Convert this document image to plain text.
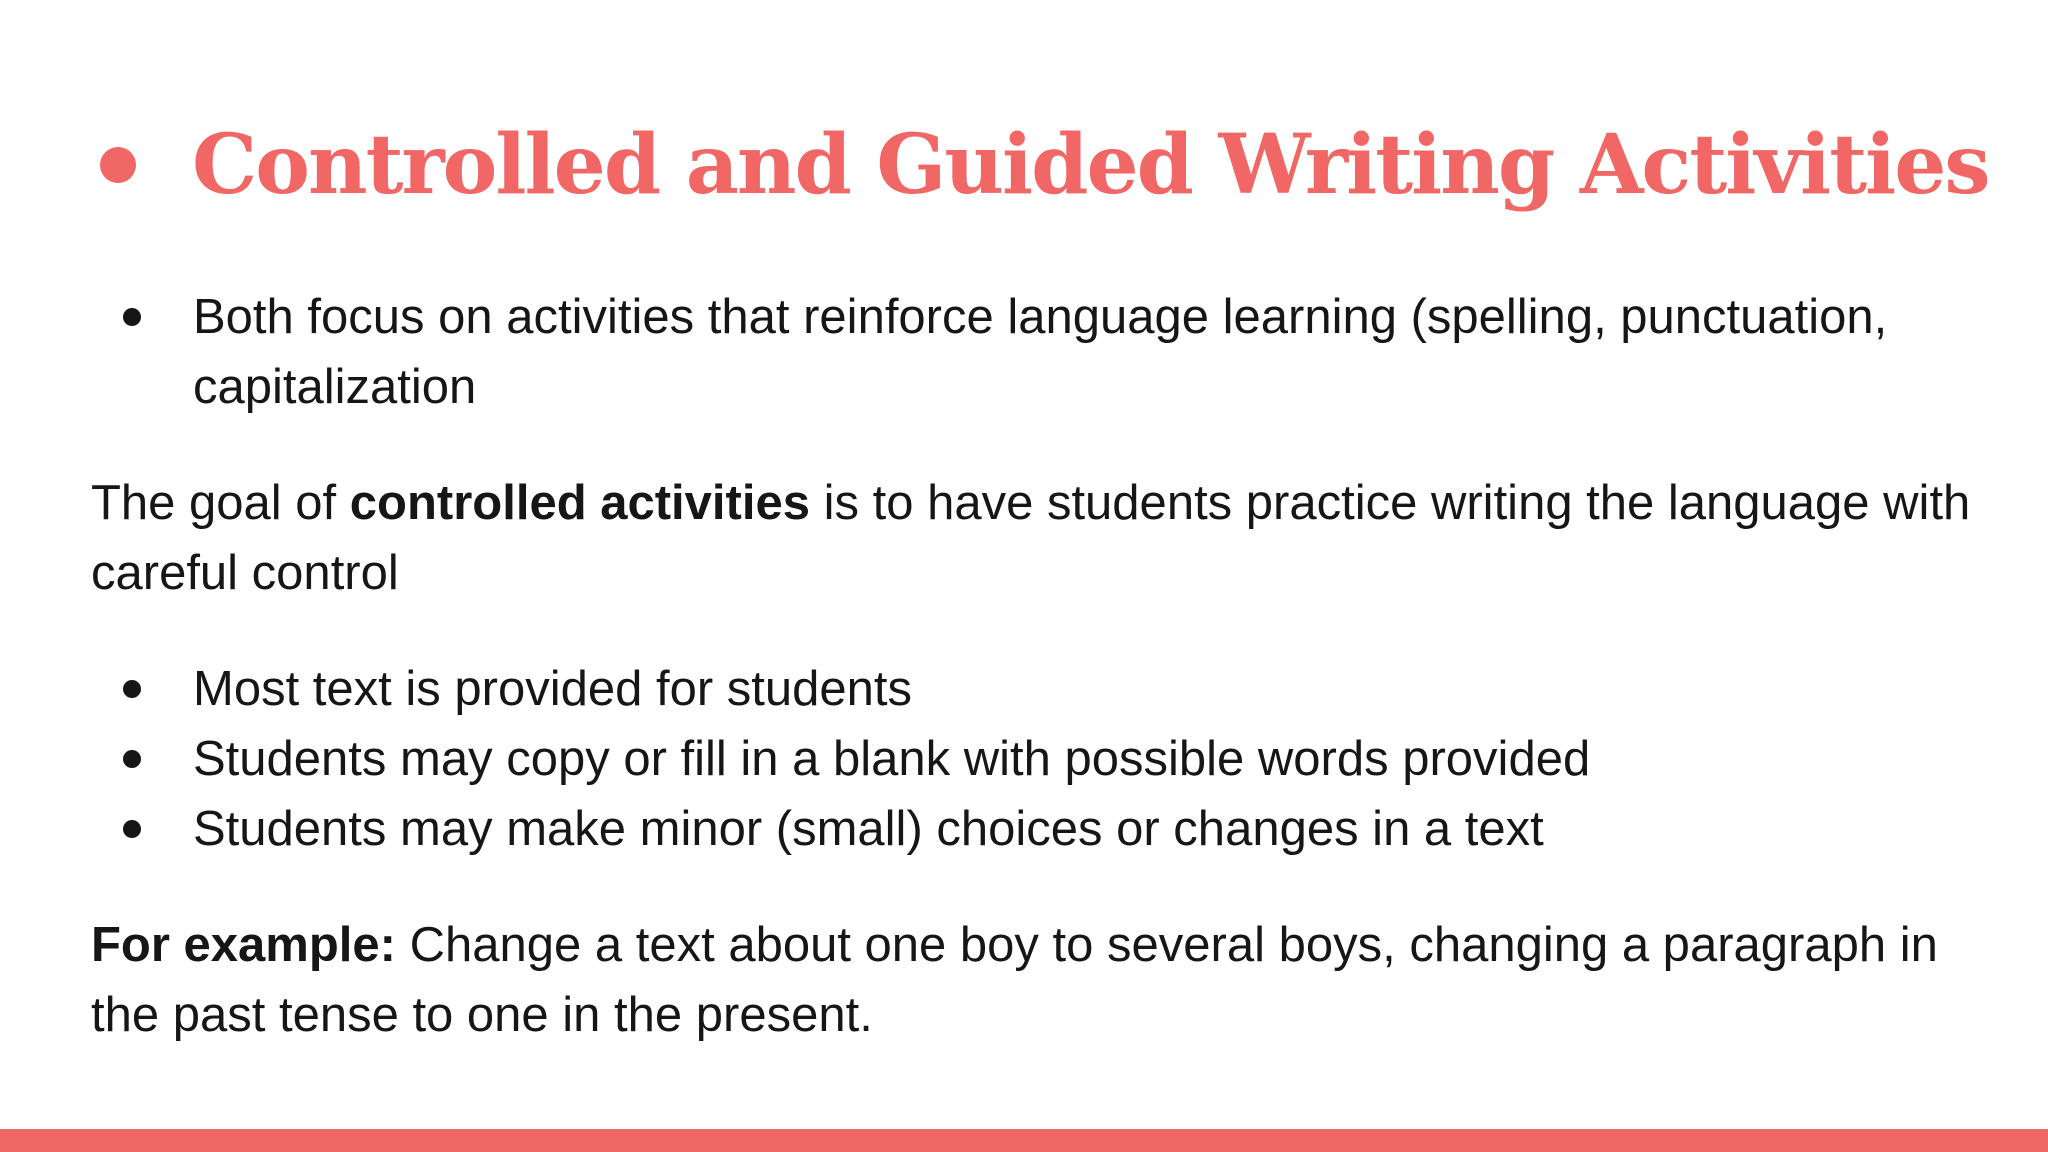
Controlled and Guided Writing Activities
Both focus on activities that reinforce language learning (spelling, punctuation, capitalization

The goal of controlled activities is to have students practice writing the language with careful control

Most text is provided for students
Students may copy or fill in a blank with possible words provided
Students may make minor (small) choices or changes in a text

For example: Change a text about one boy to several boys, changing a paragraph in the past tense to one in the present.
